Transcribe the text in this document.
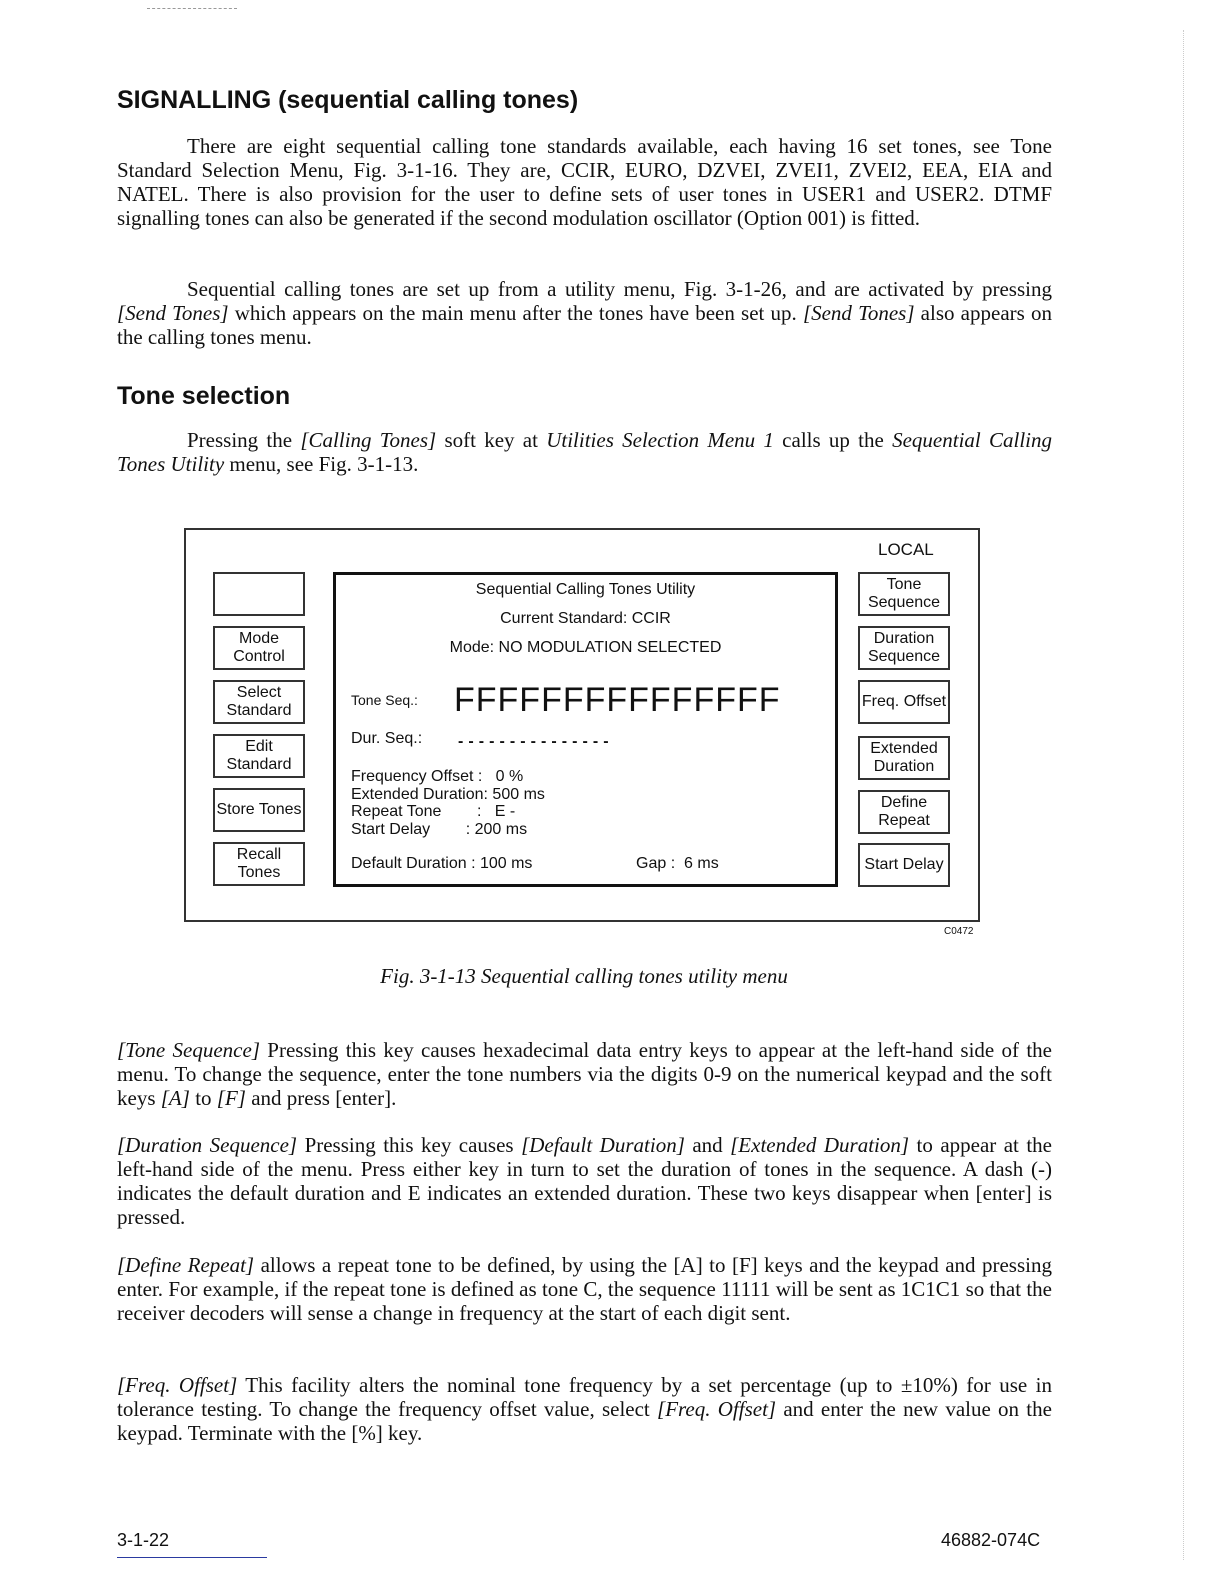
SIGNALLING (sequential calling tones)

There are eight sequential calling tone standards available, each having 16 set tones, see Tone Standard Selection Menu, Fig. 3-1-16. They are, CCIR, EURO, DZVEI, ZVEI1, ZVEI2, EEA, EIA and NATEL. There is also provision for the user to define sets of user tones in USER1 and USER2. DTMF signalling tones can also be generated if the second modulation oscillator (Option 001) is fitted.

Sequential calling tones are set up from a utility menu, Fig. 3-1-26, and are activated by pressing [Send Tones] which appears on the main menu after the tones have been set up. [Send Tones] also appears on the calling tones menu.

Tone selection

Pressing the [Calling Tones] soft key at Utilities Selection Menu 1 calls up the Sequential Calling Tones Utility menu, see Fig. 3-1-13.

LOCAL
Mode Control
Select Standard
Edit Standard
Store Tones
Recall Tones
Tone Sequence
Duration Sequence
Freq. Offset
Extended Duration
Define Repeat
Start Delay
Sequential Calling Tones Utility
Current Standard: CCIR
Mode: NO MODULATION SELECTED
Tone Seq.: FFFFFFFFFFFFFFF
Dur. Seq.: - - - - - - - - - - - - - - -
Frequency Offset :   0 %
Extended Duration: 500 ms
Repeat Tone        :   E -
Start Delay        : 200 ms
Default Duration : 100 ms	Gap :  6 ms
C0472
Fig. 3-1-13 Sequential calling tones utility menu

[Tone Sequence] Pressing this key causes hexadecimal data entry keys to appear at the left-hand side of the menu. To change the sequence, enter the tone numbers via the digits 0-9 on the numerical keypad and the soft keys [A] to [F] and press [enter].

[Duration Sequence] Pressing this key causes [Default Duration] and [Extended Duration] to appear at the left-hand side of the menu. Press either key in turn to set the duration of tones in the sequence. A dash (-) indicates the default duration and E indicates an extended duration. These two keys disappear when [enter] is pressed.

[Define Repeat] allows a repeat tone to be defined, by using the [A] to [F] keys and the keypad and pressing enter. For example, if the repeat tone is defined as tone C, the sequence 11111 will be sent as 1C1C1 so that the receiver decoders will sense a change in frequency at the start of each digit sent.

[Freq. Offset] This facility alters the nominal tone frequency by a set percentage (up to ±10%) for use in tolerance testing. To change the frequency offset value, select [Freq. Offset] and enter the new value on the keypad. Terminate with the [%] key.

3-1-22	46882-074C
